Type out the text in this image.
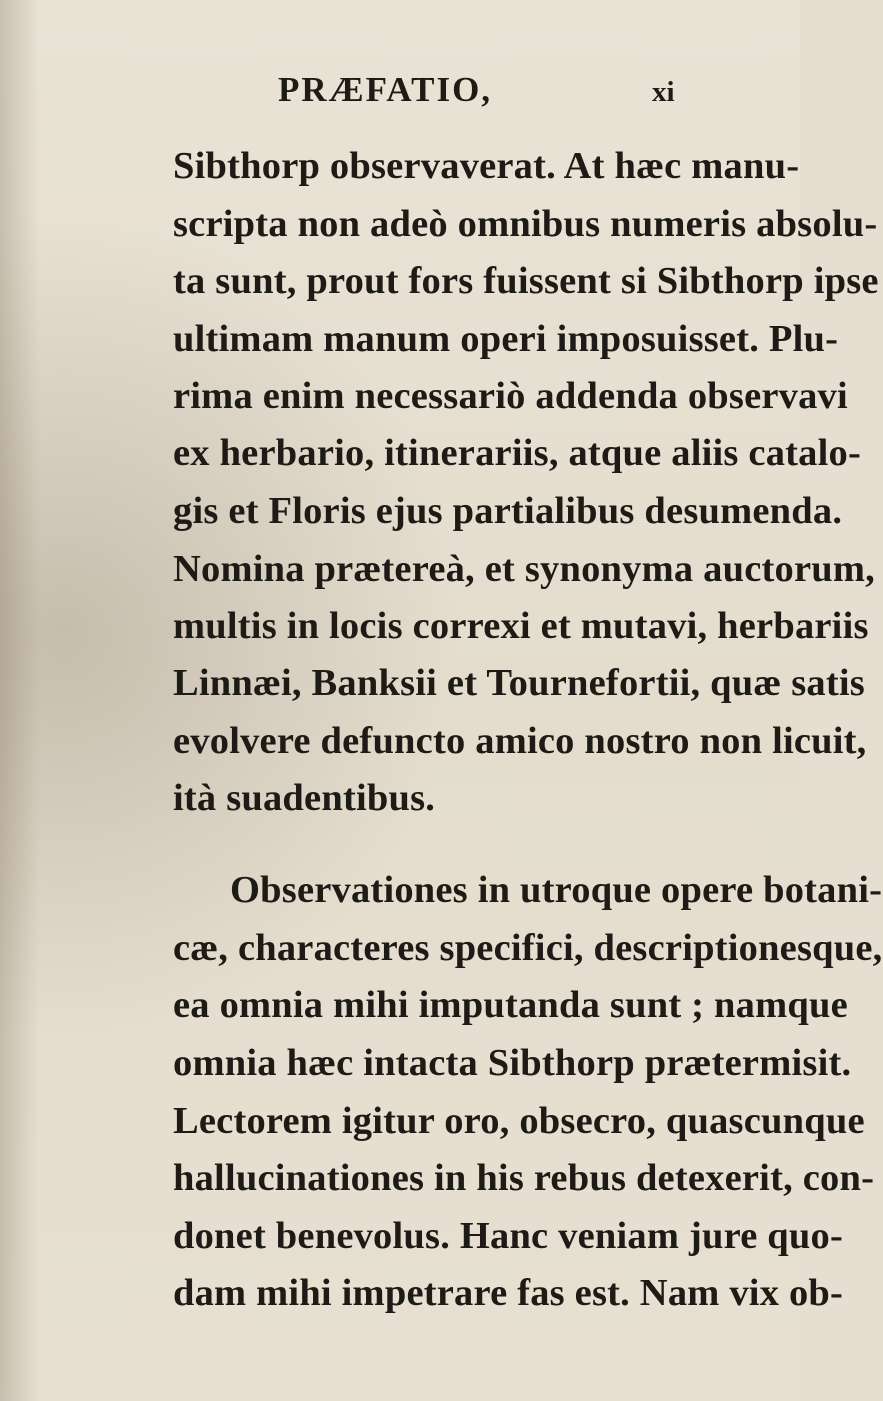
PRÆFATIO,	xi
Sibthorp observaverat. At hæc manu-
scripta non adeò omnibus numeris absolu-
ta sunt, prout fors fuissent si Sibthorp ipse
ultimam manum operi imposuisset. Plu-
rima enim necessariò addenda observavi
ex herbario, itinerariis, atque aliis catalo-
gis et Floris ejus partialibus desumenda.
Nomina prætereà, et synonyma auctorum,
multis in locis correxi et mutavi, herbariis
Linnæi, Banksii et Tournefortii, quæ satis
evolvere defuncto amico nostro non licuit,
ità suadentibus.
Observationes in utroque opere botani-
cæ, characteres specifici, descriptionesque,
ea omnia mihi imputanda sunt ; namque
omnia hæc intacta Sibthorp prætermisit.
Lectorem igitur oro, obsecro, quascunque
hallucinationes in his rebus detexerit, con-
donet benevolus. Hanc veniam jure quo-
dam mihi impetrare fas est. Nam vix ob-
